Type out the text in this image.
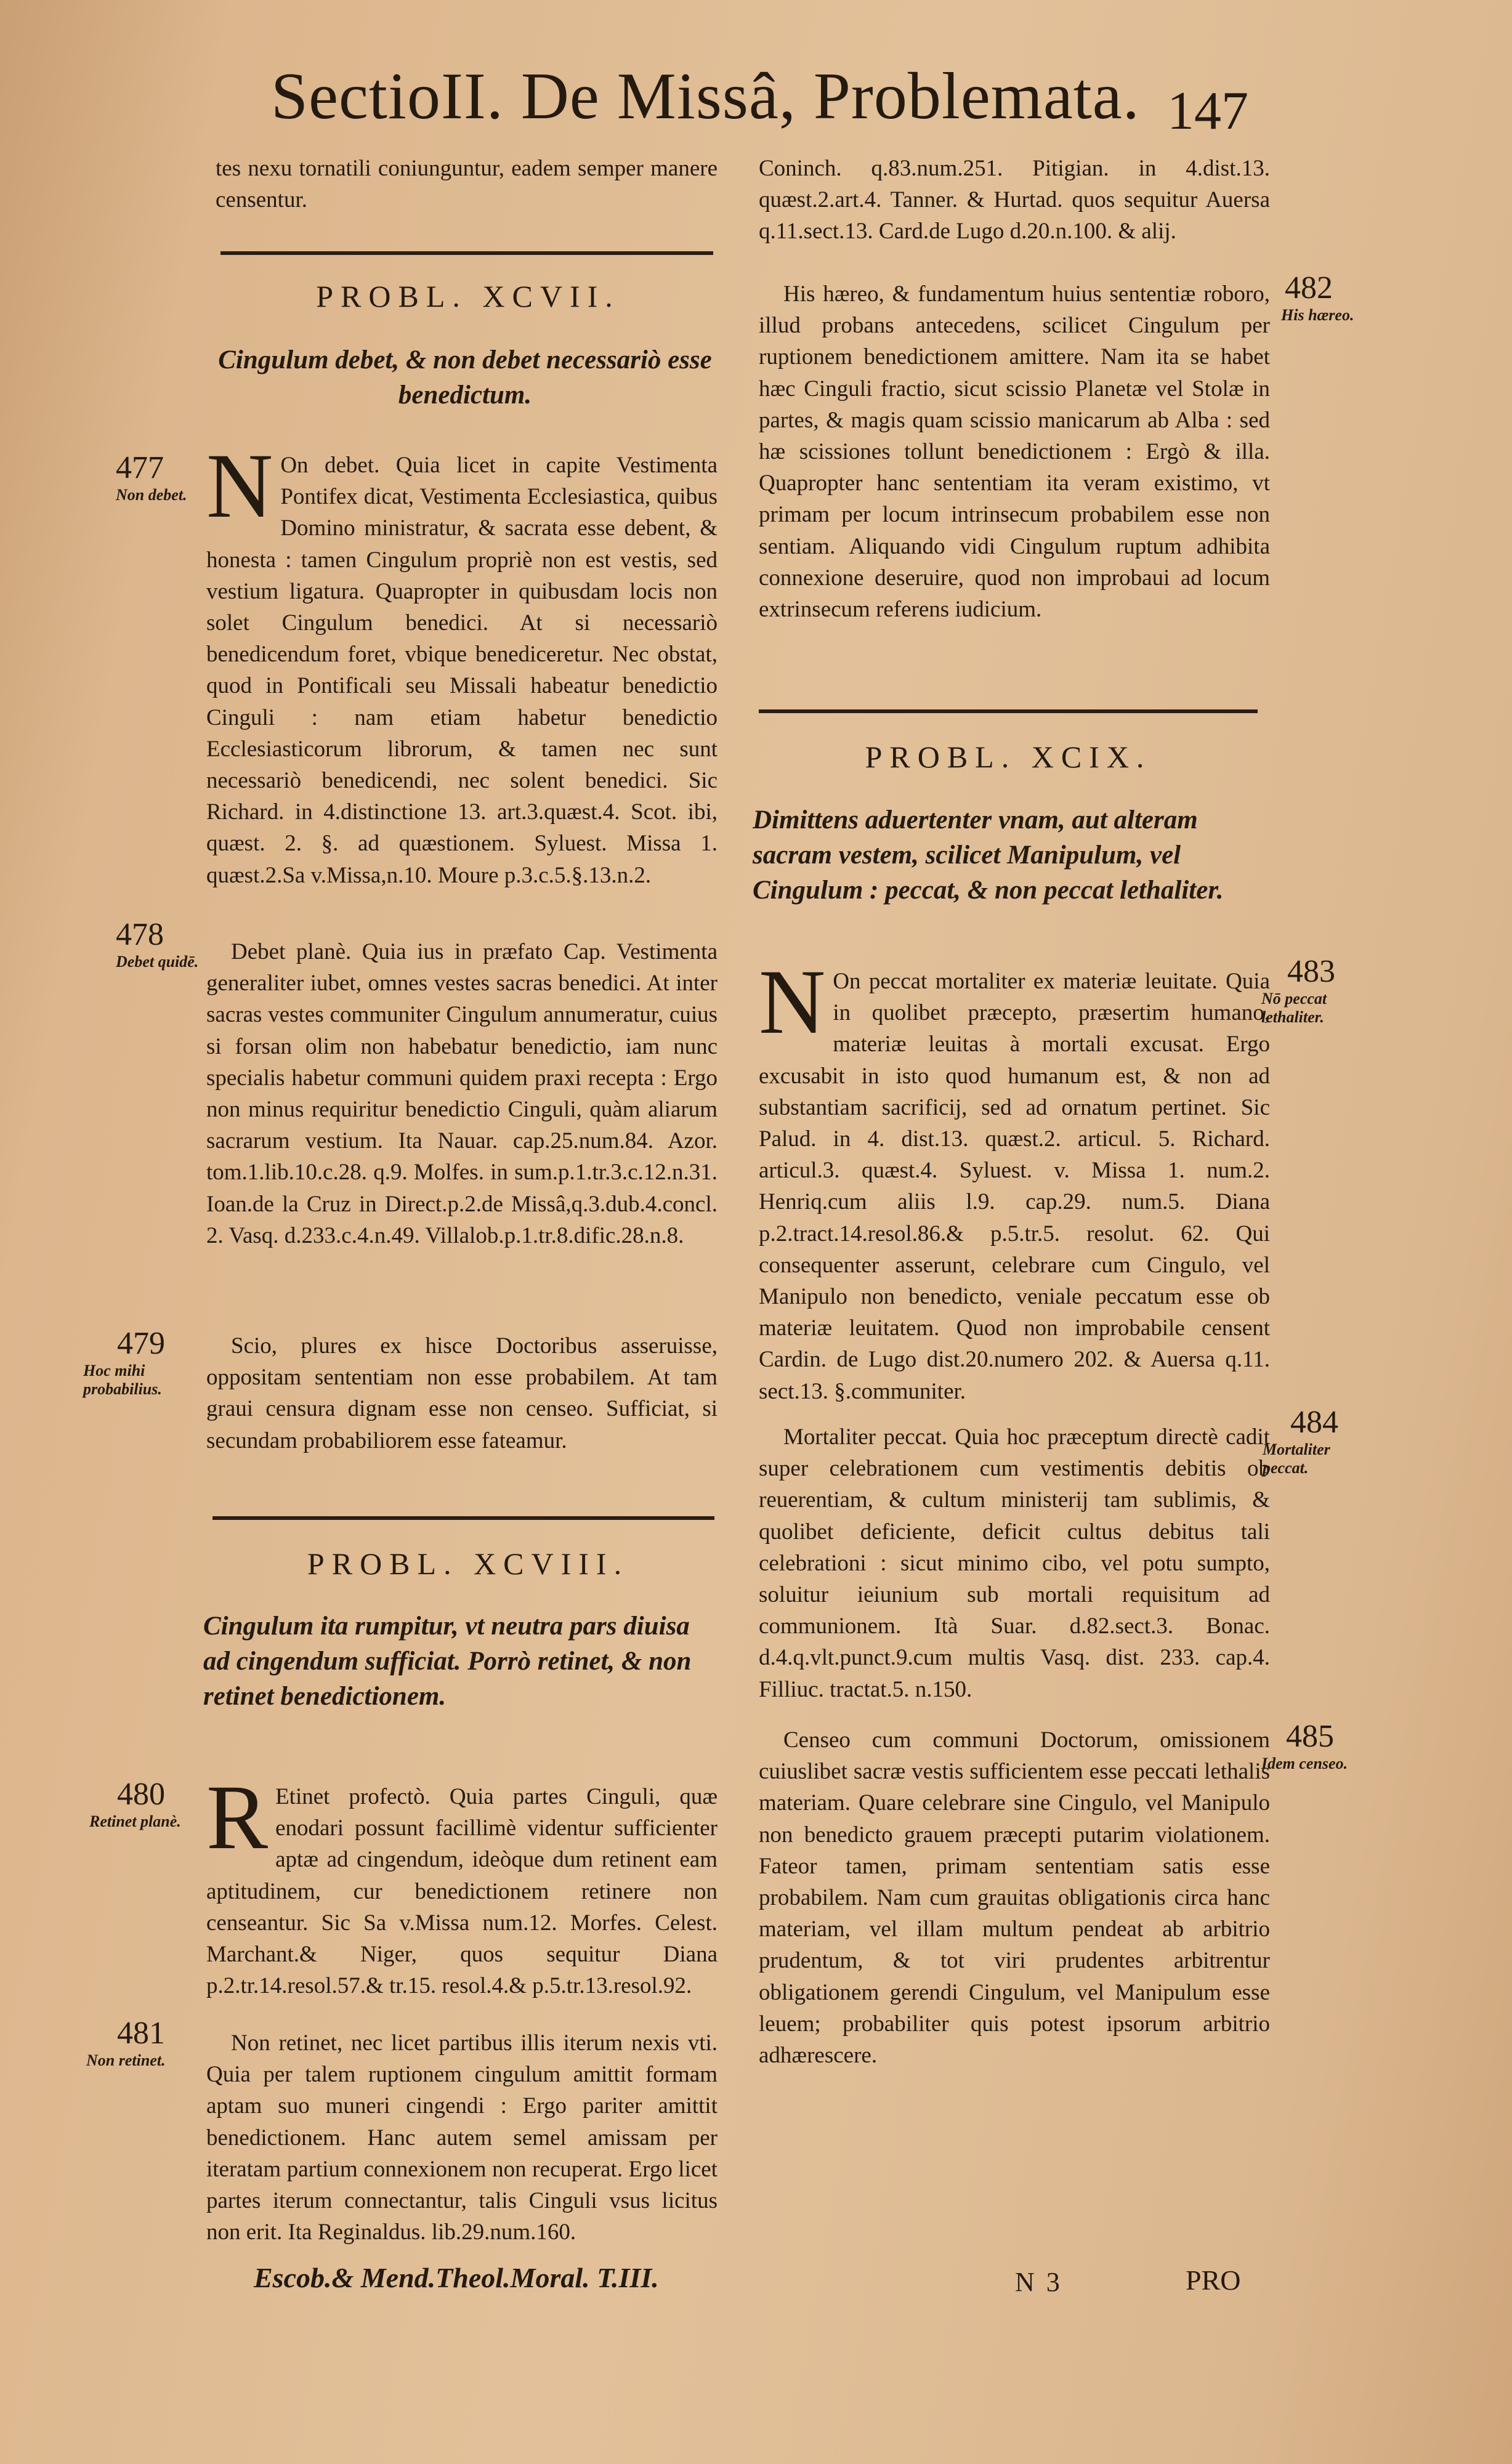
SectioII. De Missâ, Problemata. 147

tes nexu tornatili coniunguntur, eadem semper manere censentur.

PROBL. XCVII.
Cingulum debet, & non debet necessariò esse benedictum.

N On debet. Quia licet in capite Vestimenta Pontifex dicat, Vestimenta Ecclesiastica, quibus Domino ministratur, & sacrata esse debent, & honesta : tamen Cingulum propriè non est vestis, sed vestium ligatura. Quapropter in quibusdam locis non solet Cingulum benedici. At si necessariò benedicendum foret, vbique benediceretur. Nec obstat, quod in Pontificali seu Missali habeatur benedictio Cinguli : nam etiam habetur benedictio Ecclesiasticorum librorum, & tamen nec sunt necessariò benedicendi, nec solent benedici. Sic Richard. in 4.distinctione 13. art.3.quæst.4. Scot. ibi, quæst. 2. §. ad quæstionem. Syluest. Missa 1. quæst.2.Sa v.Missa,n.10. Moure p.3.c.5.§.13.n.2.

Debet planè. Quia ius in præfato Cap. Vestimenta generaliter iubet, omnes vestes sacras benedici. At inter sacras vestes communiter Cingulum annumeratur, cuius si forsan olim non habebatur benedictio, iam nunc specialis habetur communi quidem praxi recepta : Ergo non minus requiritur benedictio Cinguli, quàm aliarum sacrarum vestium. Ita Nauar. cap.25.num.84. Azor. tom.1.lib.10.c.28. q.9. Molfes. in sum.p.1.tr.3.c.12.n.31. Ioan.de la Cruz in Direct.p.2.de Missâ,q.3.dub.4.concl. 2. Vasq. d.233.c.4.n.49. Villalob.p.1.tr.8.dific.28.n.8.

Scio, plures ex hisce Doctoribus asseruisse, oppositam sententiam non esse probabilem. At tam graui censura dignam esse non censeo. Sufficiat, si secundam probabiliorem esse fateamur.

PROBL. XCVIII.
Cingulum ita rumpitur, vt neutra pars diuisa ad cingendum sufficiat. Porrò retinet, & non retinet benedictionem.

R Etinet profectò. Quia partes Cinguli, quæ enodari possunt facillimè videntur sufficienter aptæ ad cingendum, ideòque dum retinent eam aptitudinem, cur benedictionem retinere non censeantur. Sic Sa v.Missa num.12. Morfes. Celest. Marchant.& Niger, quos sequitur Diana p.2.tr.14.resol.57.& tr.15. resol.4.& p.5.tr.13.resol.92.

Non retinet, nec licet partibus illis iterum nexis vti. Quia per talem ruptionem cingulum amittit formam aptam suo muneri cingendi : Ergo pariter amittit benedictionem. Hanc autem semel amissam per iteratam partium connexionem non recuperat. Ergo licet partes iterum connectantur, talis Cinguli vsus licitus non erit. Ita Reginaldus. lib.29.num.160.

Escob.& Mend.Theol.Moral. T.III.

Coninch. q.83.num.251. Pitigian. in 4.dist.13. quæst.2.art.4. Tanner. & Hurtad. quos sequitur Auersa q.11.sect.13. Card.de Lugo d.20.n.100. & alij.

His hæreo, & fundamentum huius sententiæ roboro, illud probans antecedens, scilicet Cingulum per ruptionem benedictionem amittere. Nam ita se habet hæc Cinguli fractio, sicut scissio Planetæ vel Stolæ in partes, & magis quam scissio manicarum ab Alba : sed hæ scissiones tollunt benedictionem : Ergò & illa. Quapropter hanc sententiam ita veram existimo, vt primam per locum intrinsecum probabilem esse non sentiam. Aliquando vidi Cingulum ruptum adhibita connexione deseruire, quod non improbaui ad locum extrinsecum referens iudicium.

PROBL. XCIX.
Dimittens aduertenter vnam, aut alteram sacram vestem, scilicet Manipulum, vel Cingulum : peccat, & non peccat lethaliter.

N On peccat mortaliter ex materiæ leuitate. Quia in quolibet præcepto, præsertim humano, materiæ leuitas à mortali excusat. Ergo excusabit in isto quod humanum est, & non ad substantiam sacrificij, sed ad ornatum pertinet. Sic Palud. in 4. dist.13. quæst.2. articul. 5. Richard. articul.3. quæst.4. Syluest. v. Missa 1. num.2. Henriq.cum aliis l.9. cap.29. num.5. Diana p.2.tract.14.resol.86.& p.5.tr.5. resolut. 62. Qui consequenter asserunt, celebrare cum Cingulo, vel Manipulo non benedicto, veniale peccatum esse ob materiæ leuitatem. Quod non improbabile censent Cardin. de Lugo dist.20.numero 202. & Auersa q.11. sect.13. §.communiter.

Mortaliter peccat. Quia hoc præceptum directè cadit super celebrationem cum vestimentis debitis ob reuerentiam, & cultum ministerij tam sublimis, & quolibet deficiente, deficit cultus debitus tali celebrationi : sicut minimo cibo, vel potu sumpto, soluitur ieiunium sub mortali requisitum ad communionem. Ità Suar. d.82.sect.3. Bonac. d.4.q.vlt.punct.9.cum multis Vasq. dist. 233. cap.4. Filliuc. tractat.5. n.150.

Censeo cum communi Doctorum, omissionem cuiuslibet sacræ vestis sufficientem esse peccati lethalis materiam. Quare celebrare sine Cingulo, vel Manipulo non benedicto grauem præcepti putarim violationem. Fateor tamen, primam sententiam satis esse probabilem. Nam cum grauitas obligationis circa hanc materiam, vel illam multum pendeat ab arbitrio prudentum, & tot viri prudentes arbitrentur obligationem gerendi Cingulum, vel Manipulum esse leuem; probabiliter quis potest ipsorum arbitrio adhærescere.

N 3	PRO
477
Non debet.
478
Debet quidē.
479
Hoc mihi probabilius.
480
Retinet planè.
481
Non retinet.
482
His hæreo.
483
Nō peccat lethaliter.
484
Mortaliter peccat.
485
Idem censeo.
